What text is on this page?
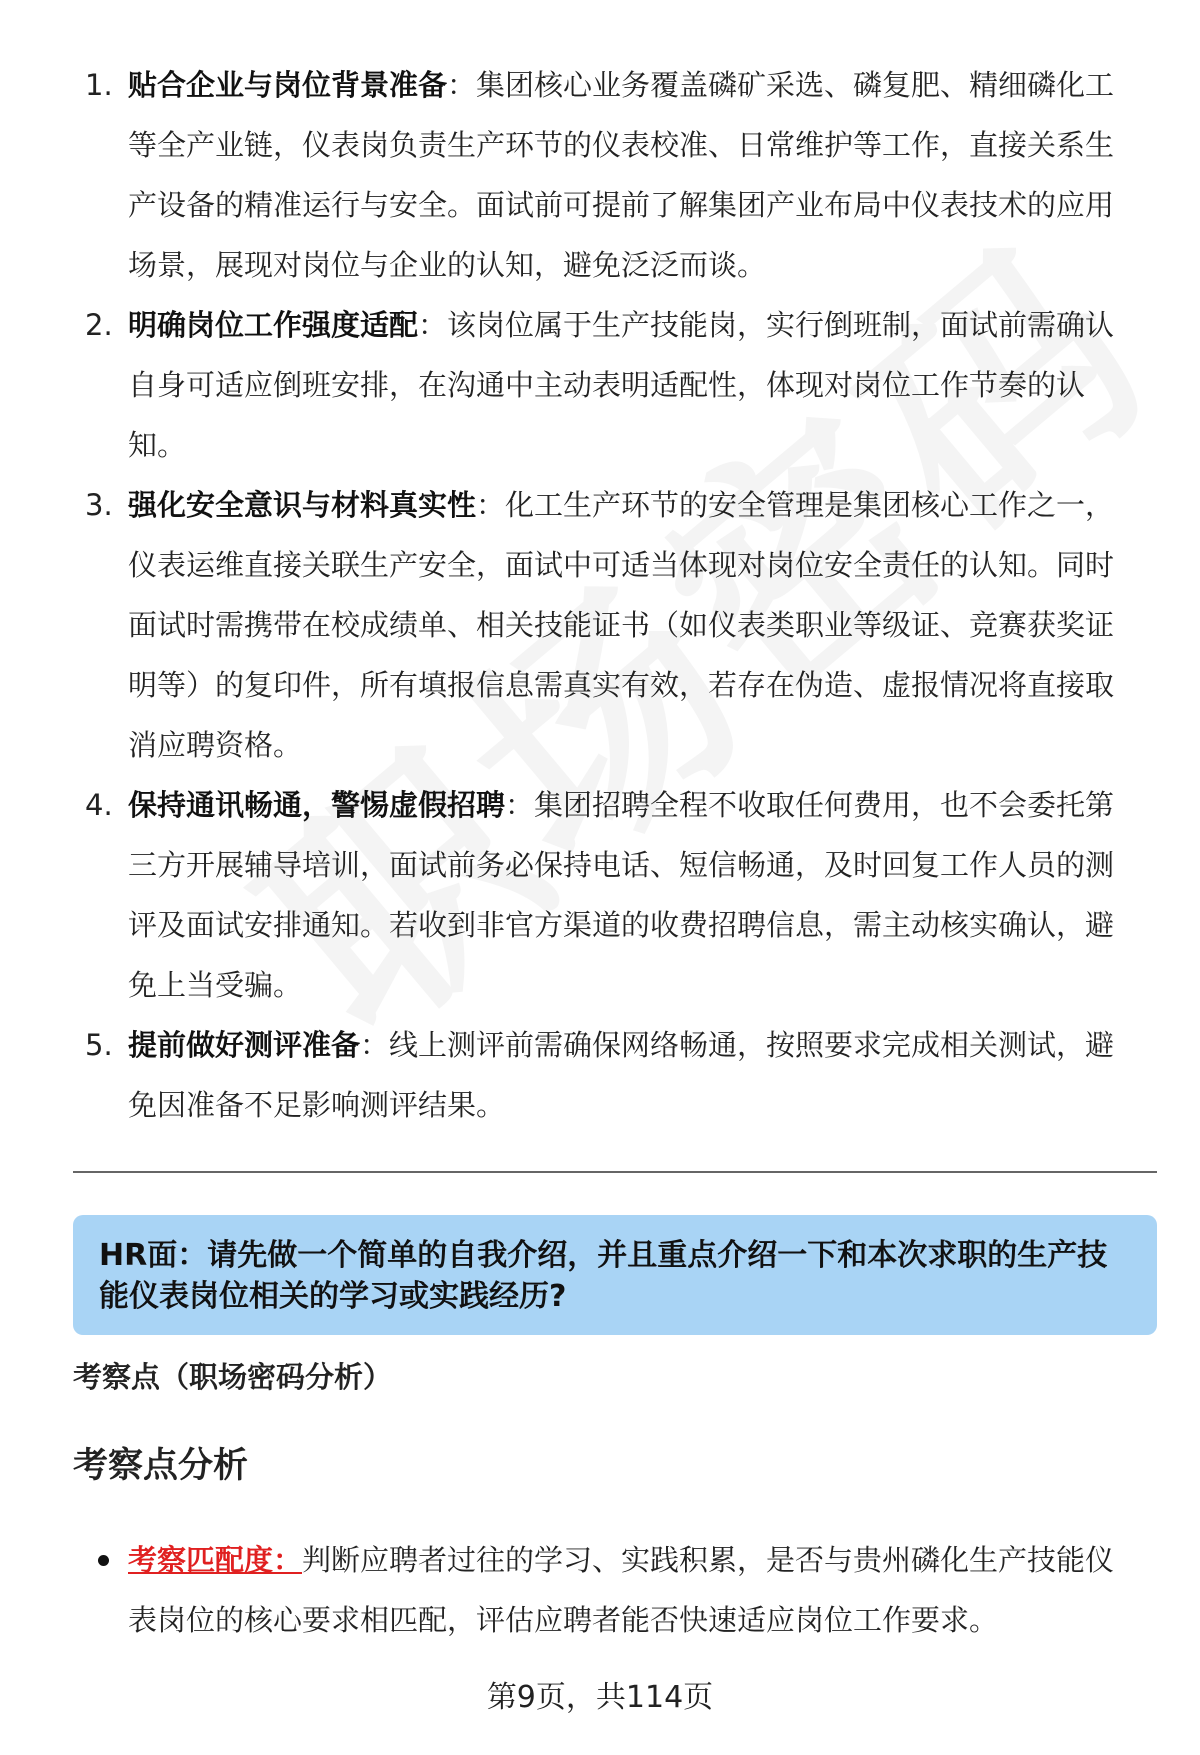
1. 贴合企业与岗位背景准备：集团核心业务覆盖磷矿采选、磷复肥、精细磷化工等全产业链，仪表岗负责生产环节的仪表校准、日常维护等工作，直接关系生产设备的精准运行与安全。面试前可提前了解集团产业布局中仪表技术的应用场景，展现对岗位与企业的认知，避免泛泛而谈。
2. 明确岗位工作强度适配：该岗位属于生产技能岗，实行倒班制，面试前需确认自身可适应倒班安排，在沟通中主动表明适配性，体现对岗位工作节奏的认知。
3. 强化安全意识与材料真实性：化工生产环节的安全管理是集团核心工作之一，仪表运维直接关联生产安全，面试中可适当体现对岗位安全责任的认知。同时面试时需携带在校成绩单、相关技能证书（如仪表类职业等级证、竞赛获奖证明等）的复印件，所有填报信息需真实有效，若存在伪造、虚报情况将直接取消应聘资格。
4. 保持通讯畅通，警惕虚假招聘：集团招聘全程不收取任何费用，也不会委托第三方开展辅导培训，面试前务必保持电话、短信畅通，及时回复工作人员的测评及面试安排通知。若收到非官方渠道的收费招聘信息，需主动核实确认，避免上当受骗。
5. 提前做好测评准备：线上测评前需确保网络畅通，按照要求完成相关测试，避免因准备不足影响测评结果。
HR面：请先做一个简单的自我介绍，并且重点介绍一下和本次求职的生产技能仪表岗位相关的学习或实践经历?
考察点（职场密码分析）
考察点分析
考察匹配度：判断应聘者过往的学习、实践积累，是否与贵州磷化生产技能仪表岗位的核心要求相匹配，评估应聘者能否快速适应岗位工作要求。
第9页，共114页
